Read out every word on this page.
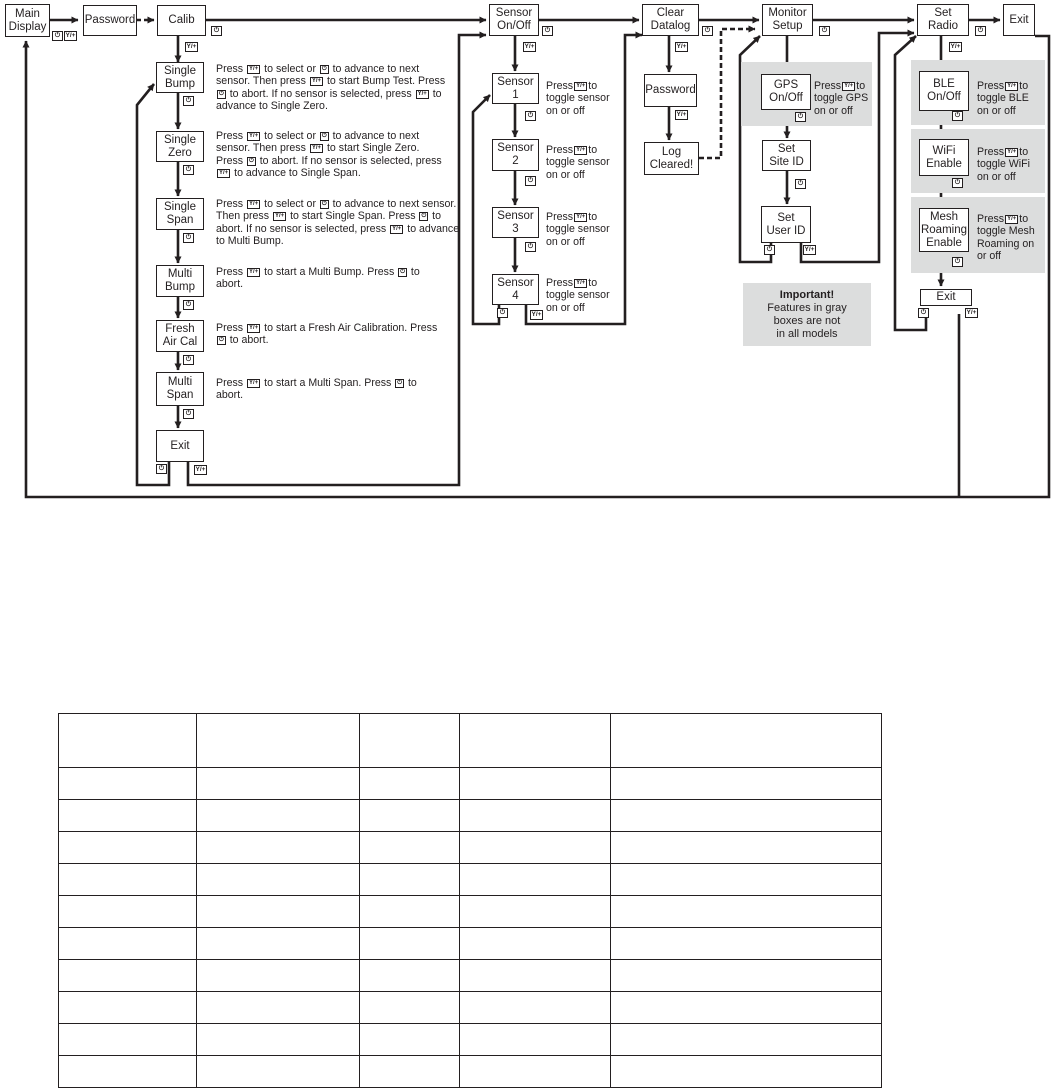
Main
Display
⏻ Y/+
Password	Calib
⏻
Sensor
On/Off	⏻
Clear
Datalog	⏻
Monitor
Setup	⏻
Set
Radio	⏻
Exit
Y/+
Single
Bump
⏻
Press Y/+ to select or ⏻ to advance to next sensor. Then press Y/+ to start Bump Test. Press ⏻ to abort. If no sensor is selected, press Y/+ to advance to Single Zero.
Single
Zero
⏻
Press Y/+ to select or ⏻ to advance to next sensor. Then press Y/+ to start Single Zero. Press ⏻ to abort. If no sensor is selected, press Y/+ to advance to Single Span.
Single
Span
⏻
Press Y/+ to select or ⏻ to advance to next sensor. Then press Y/+ to start Single Span. Press ⏻ to abort. If no sensor is selected, press Y/+ to advance to Multi Bump.
Multi
Bump
⏻
Press Y/+ to start a Multi Bump. Press ⏻ to abort.
Fresh
Air Cal
⏻
Press Y/+ to start a Fresh Air Calibration. Press ⏻ to abort.
Multi
Span
⏻
Press Y/+ to start a Multi Span. Press ⏻ to abort.
Exit
⏻	Y/+
Y/+
Sensor
1
⏻
Press Y/+ to toggle sensor on or off
Sensor
2
⏻
Press Y/+ to toggle sensor on or off
Sensor
3
⏻
Press Y/+ to toggle sensor on or off
Sensor
4
⏻	Y/+
Press Y/+ to toggle sensor on or off
Y/+
Password
Y/+
Log
Cleared!
GPS
On/Off
⏻
Press Y/+ to toggle GPS on or off
Set
Site ID
⏻
Set
User ID
⏻	Y/+
Important!
Features in gray
boxes are not
in all models
Y/+
BLE
On/Off
⏻
Press Y/+ to toggle BLE on or off
WiFi
Enable
⏻
Press Y/+ to toggle WiFi on or off
Mesh
Roaming
Enable
⏻
Press Y/+ to toggle Mesh Roaming on or off
Exit
⏻	Y/+
